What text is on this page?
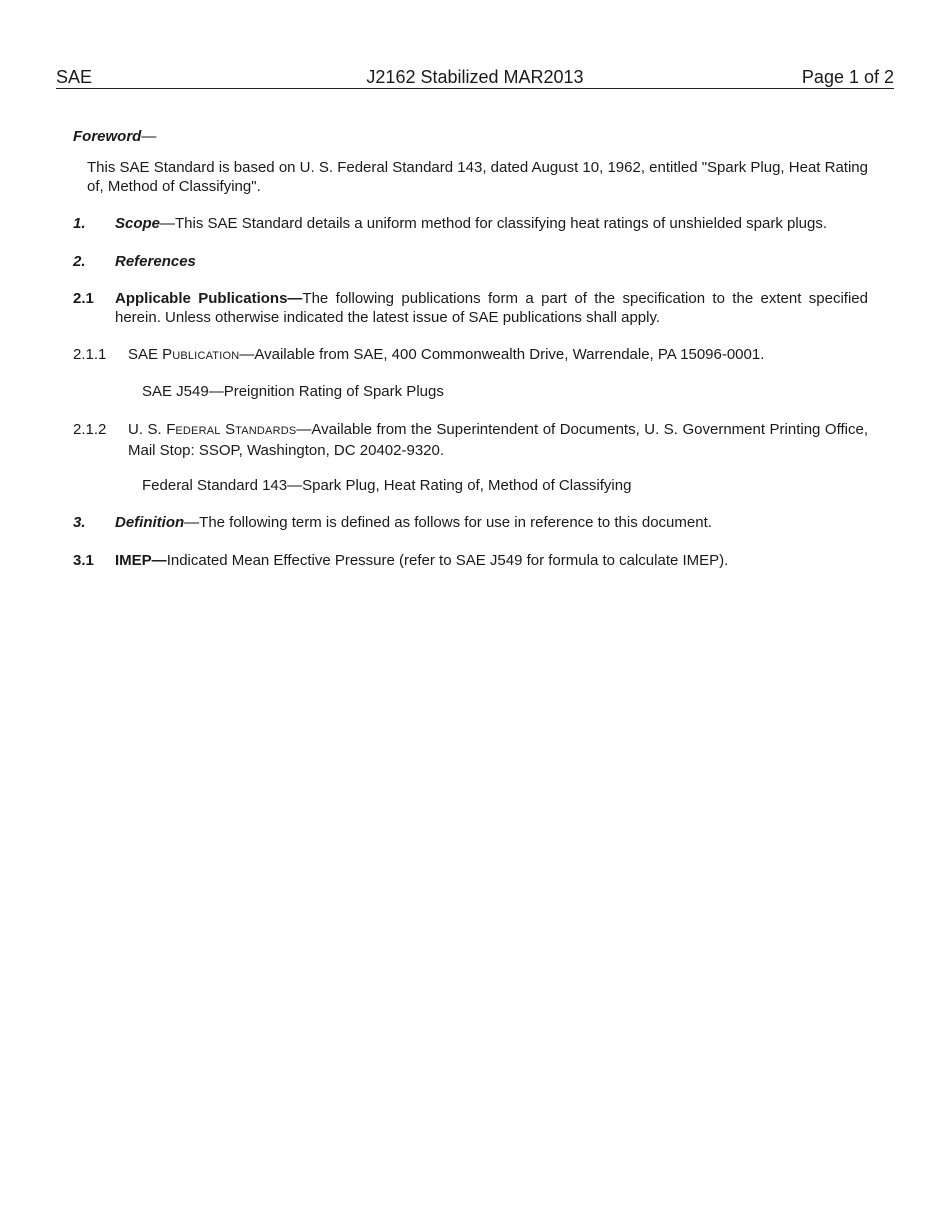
SAE	J2162 Stabilized MAR2013	Page 1 of 2
Foreword—
This SAE Standard is based on U. S. Federal Standard 143, dated August 10, 1962, entitled "Spark Plug, Heat Rating of, Method of Classifying".
1. Scope—This SAE Standard details a uniform method for classifying heat ratings of unshielded spark plugs.
2. References
2.1 Applicable Publications—The following publications form a part of the specification to the extent specified herein. Unless otherwise indicated the latest issue of SAE publications shall apply.
2.1.1 SAE PUBLICATION—Available from SAE, 400 Commonwealth Drive, Warrendale, PA 15096-0001.
SAE J549—Preignition Rating of Spark Plugs
2.1.2 U. S. FEDERAL STANDARDS—Available from the Superintendent of Documents, U. S. Government Printing Office, Mail Stop: SSOP, Washington, DC 20402-9320.
Federal Standard 143—Spark Plug, Heat Rating of, Method of Classifying
3. Definition—The following term is defined as follows for use in reference to this document.
3.1 IMEP—Indicated Mean Effective Pressure (refer to SAE J549 for formula to calculate IMEP).
